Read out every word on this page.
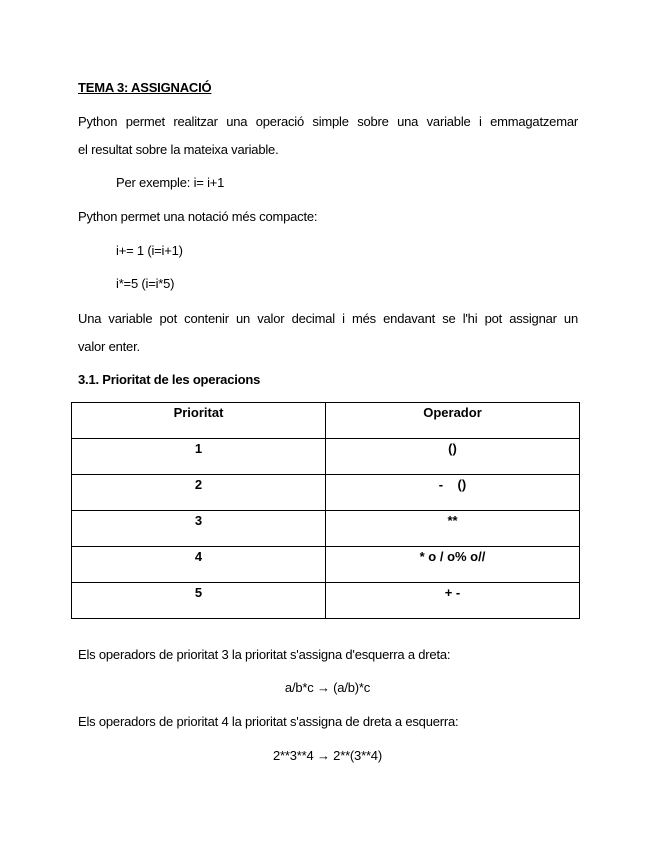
TEMA 3: ASSIGNACIÓ
Python permet realitzar una operació simple sobre una variable i emmagatzemar
el resultat sobre la mateixa variable.
Per exemple: i= i+1
Python permet una notació més compacte:
i+= 1 (i=i+1)
i*=5 (i=i*5)
Una variable pot contenir un valor decimal i més endavant se l'hi pot assignar un
valor enter.
3.1. Prioritat de les operacions
Prioritat	Operador
1	()
2	-    ()
3	**
4	* o / o% o//
5	+ -
Els operadors de prioritat 3 la prioritat s'assigna d'esquerra a dreta:
a/b*c → (a/b)*c
Els operadors de prioritat 4 la prioritat s'assigna de dreta a esquerra:
2**3**4 → 2**(3**4)
